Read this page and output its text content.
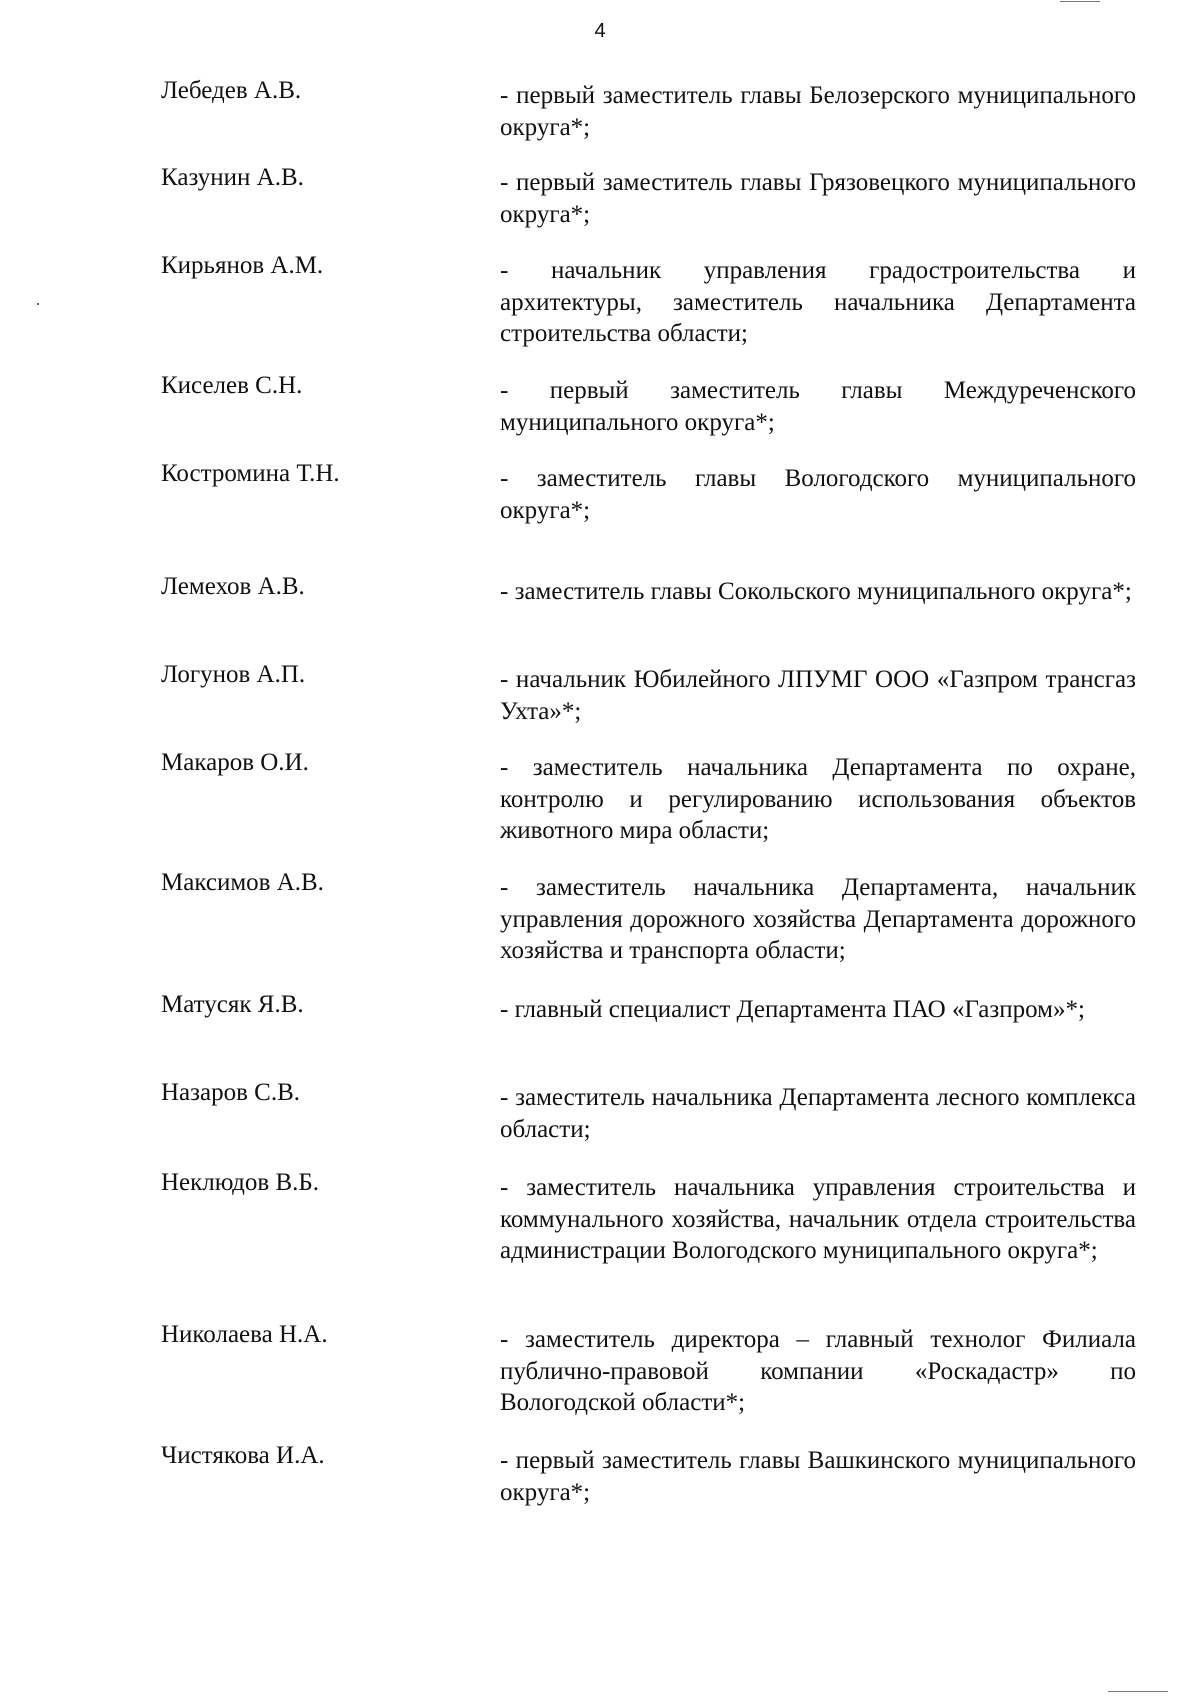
4
Лебедев А.В.	- первый заместитель главы Белозерского муниципального округа*;
Казунин А.В.	- первый заместитель главы Грязовецкого муниципального округа*;
Кирьянов А.М.	- начальник управления градостроительства и архитектуры, заместитель начальника Департамента строительства области;
Киселев С.Н.	- первый заместитель главы Междуреченского муниципального округа*;
Костромина Т.Н.	- заместитель главы Вологодского муниципального округа*;
Лемехов А.В.	- заместитель главы Сокольского муниципального округа*;
Логунов А.П.	- начальник Юбилейного ЛПУМГ ООО «Газпром трансгаз Ухта»*;
Макаров О.И.	- заместитель начальника Департамента по охране, контролю и регулированию использования объектов животного мира области;
Максимов А.В.	- заместитель начальника Департамента, начальник управления дорожного хозяйства Департамента дорожного хозяйства и транспорта области;
Матусяк Я.В.	- главный специалист Департамента ПАО «Газпром»*;
Назаров С.В.	- заместитель начальника Департамента лесного комплекса области;
Неклюдов В.Б.	- заместитель начальника управления строительства и коммунального хозяйства, начальник отдела строительства администрации Вологодского муниципального округа*;
Николаева Н.А.	- заместитель директора – главный технолог Филиала публично-правовой компании «Роскадастр» по Вологодской области*;
Чистякова И.А.	- первый заместитель главы Вашкинского муниципального округа*;
